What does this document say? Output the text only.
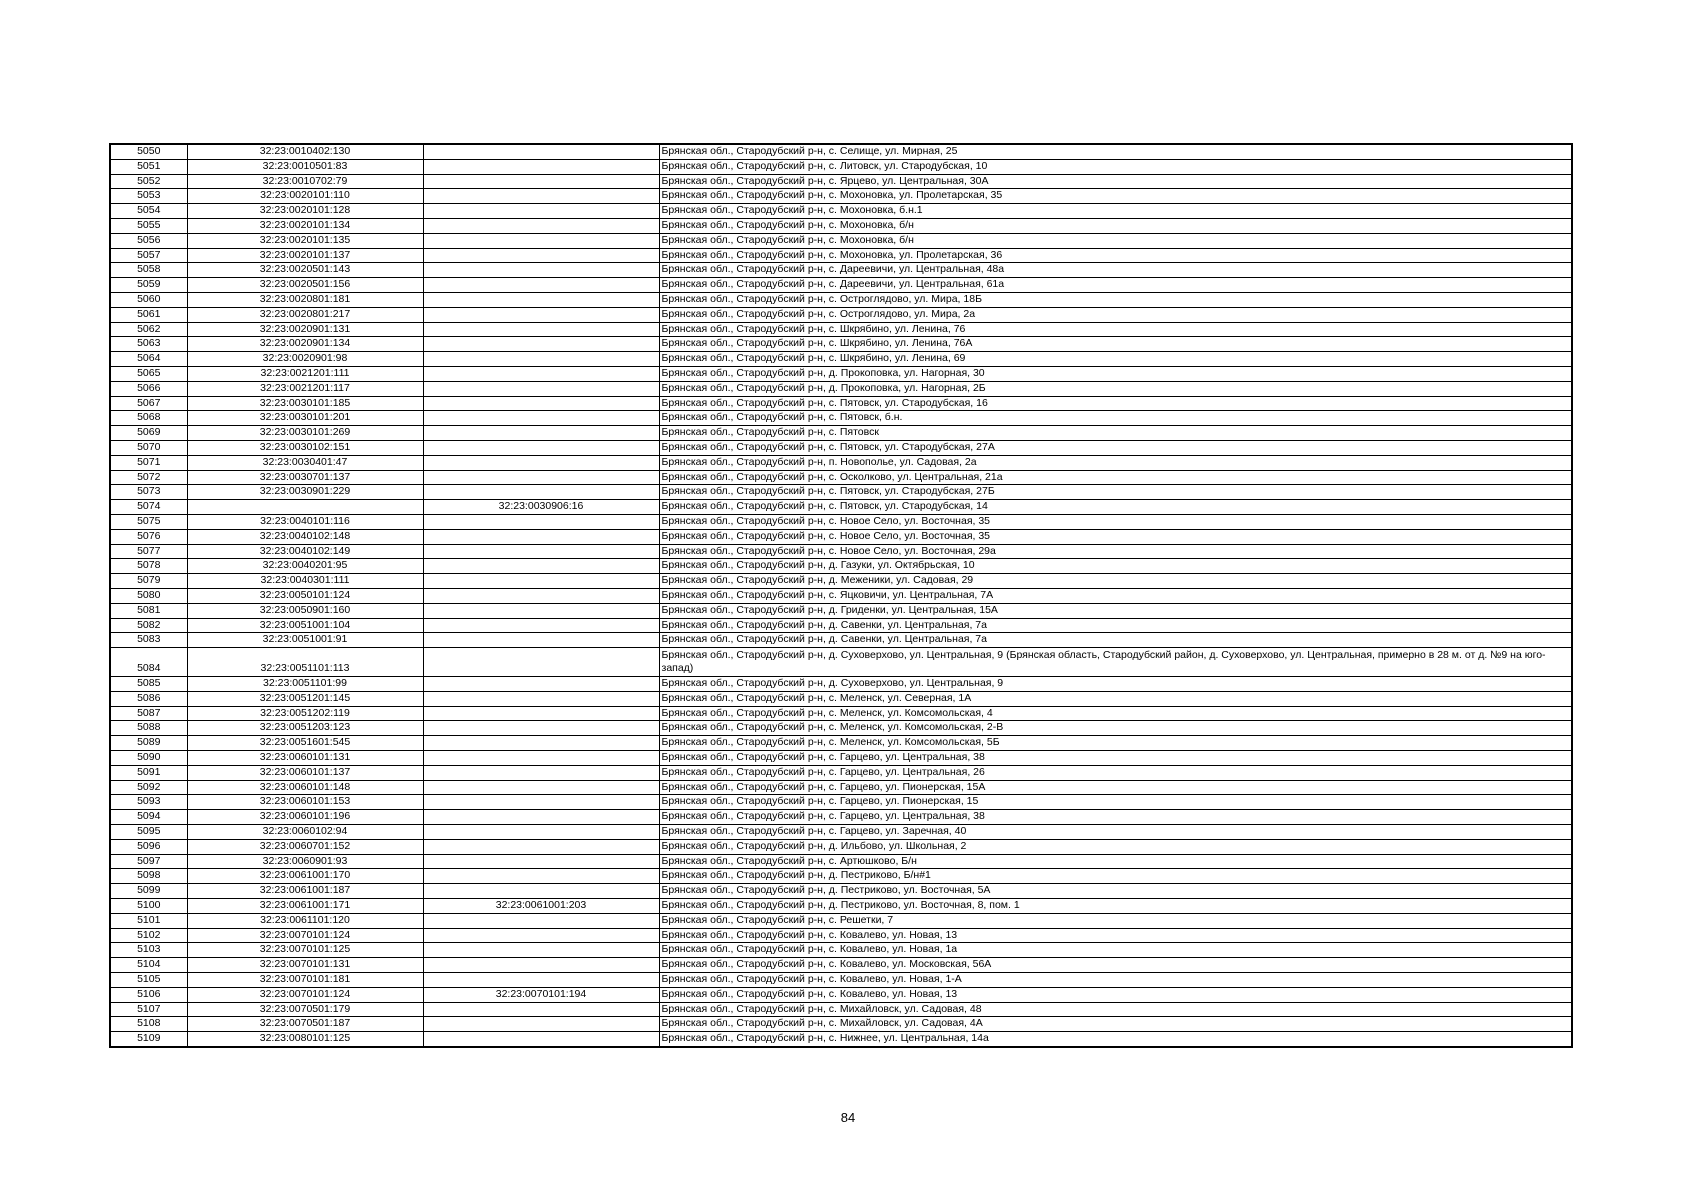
5050	32:23:0010402:130		Брянская обл., Стародубский р-н, с. Селище, ул. Мирная, 25
5051	32:23:0010501:83		Брянская обл., Стародубский р-н, с. Литовск, ул. Стародубская, 10
5052	32:23:0010702:79		Брянская обл., Стародубский р-н, с. Ярцево, ул. Центральная, 30А
5053	32:23:0020101:110		Брянская обл., Стародубский р-н, с. Мохоновка, ул. Пролетарская, 35
5054	32:23:0020101:128		Брянская обл., Стародубский р-н, с. Мохоновка, б.н.1
5055	32:23:0020101:134		Брянская обл., Стародубский р-н, с. Мохоновка, б/н
5056	32:23:0020101:135		Брянская обл., Стародубский р-н, с. Мохоновка, б/н
5057	32:23:0020101:137		Брянская обл., Стародубский р-н, с. Мохоновка, ул. Пролетарская, 36
5058	32:23:0020501:143		Брянская обл., Стародубский р-н, с. Дареевичи, ул. Центральная, 48а
5059	32:23:0020501:156		Брянская обл., Стародубский р-н, с. Дареевичи, ул. Центральная, 61а
5060	32:23:0020801:181		Брянская обл., Стародубский р-н, с. Остроглядово, ул. Мира, 18Б
5061	32:23:0020801:217		Брянская обл., Стародубский р-н, с. Остроглядово, ул. Мира, 2а
5062	32:23:0020901:131		Брянская обл., Стародубский р-н, с. Шкрябино, ул. Ленина, 76
5063	32:23:0020901:134		Брянская обл., Стародубский р-н, с. Шкрябино, ул. Ленина, 76А
5064	32:23:0020901:98		Брянская обл., Стародубский р-н, с. Шкрябино, ул. Ленина, 69
5065	32:23:0021201:111		Брянская обл., Стародубский р-н, д. Прокоповка, ул. Нагорная, 30
5066	32:23:0021201:117		Брянская обл., Стародубский р-н, д. Прокоповка, ул. Нагорная, 2Б
5067	32:23:0030101:185		Брянская обл., Стародубский р-н, с. Пятовск, ул. Стародубская, 16
5068	32:23:0030101:201		Брянская обл., Стародубский р-н, с. Пятовск, б.н.
5069	32:23:0030101:269		Брянская обл., Стародубский р-н, с. Пятовск
5070	32:23:0030102:151		Брянская обл., Стародубский р-н, с. Пятовск, ул. Стародубская, 27А
5071	32:23:0030401:47		Брянская обл., Стародубский р-н, п. Новополье, ул. Садовая, 2а
5072	32:23:0030701:137		Брянская обл., Стародубский р-н, с. Осколково, ул. Центральная, 21а
5073	32:23:0030901:229		Брянская обл., Стародубский р-н, с. Пятовск, ул. Стародубская, 27Б
5074		32:23:0030906:16	Брянская обл., Стародубский р-н, с. Пятовск, ул. Стародубская, 14
5075	32:23:0040101:116		Брянская обл., Стародубский р-н, с. Новое Село, ул. Восточная, 35
5076	32:23:0040102:148		Брянская обл., Стародубский р-н, с. Новое Село, ул. Восточная, 35
5077	32:23:0040102:149		Брянская обл., Стародубский р-н, с. Новое Село, ул. Восточная, 29а
5078	32:23:0040201:95		Брянская обл., Стародубский р-н, д. Газуки, ул. Октябрьская, 10
5079	32:23:0040301:111		Брянская обл., Стародубский р-н, д. Меженики, ул. Садовая, 29
5080	32:23:0050101:124		Брянская обл., Стародубский р-н, с. Яцковичи, ул. Центральная, 7А
5081	32:23:0050901:160		Брянская обл., Стародубский р-н, д. Гриденки, ул. Центральная, 15А
5082	32:23:0051001:104		Брянская обл., Стародубский р-н, д. Савенки, ул. Центральная, 7а
5083	32:23:0051001:91		Брянская обл., Стародубский р-н, д. Савенки, ул. Центральная, 7а
5084	32:23:0051101:113		Брянская обл., Стародубский р-н, д. Суховерхово, ул. Центральная, 9 (Брянская область, Стародубский район, д. Суховерхово, ул. Центральная, примерно в 28 м. от д. №9 на юго-запад)
5085	32:23:0051101:99		Брянская обл., Стародубский р-н, д. Суховерхово, ул. Центральная, 9
5086	32:23:0051201:145		Брянская обл., Стародубский р-н, с. Меленск, ул. Северная, 1А
5087	32:23:0051202:119		Брянская обл., Стародубский р-н, с. Меленск, ул. Комсомольская, 4
5088	32:23:0051203:123		Брянская обл., Стародубский р-н, с. Меленск, ул. Комсомольская, 2-В
5089	32:23:0051601:545		Брянская обл., Стародубский р-н, с. Меленск, ул. Комсомольская, 5Б
5090	32:23:0060101:131		Брянская обл., Стародубский р-н, с. Гарцево, ул. Центральная, 38
5091	32:23:0060101:137		Брянская обл., Стародубский р-н, с. Гарцево, ул. Центральная, 26
5092	32:23:0060101:148		Брянская обл., Стародубский р-н, с. Гарцево, ул. Пионерская, 15А
5093	32:23:0060101:153		Брянская обл., Стародубский р-н, с. Гарцево, ул. Пионерская, 15
5094	32:23:0060101:196		Брянская обл., Стародубский р-н, с. Гарцево, ул. Центральная, 38
5095	32:23:0060102:94		Брянская обл., Стародубский р-н, с. Гарцево, ул. Заречная, 40
5096	32:23:0060701:152		Брянская обл., Стародубский р-н, д. Ильбово, ул. Школьная, 2
5097	32:23:0060901:93		Брянская обл., Стародубский р-н, с. Артюшково, Б/н
5098	32:23:0061001:170		Брянская обл., Стародубский р-н, д. Пестриково, Б/н#1
5099	32:23:0061001:187		Брянская обл., Стародубский р-н, д. Пестриково, ул. Восточная, 5А
5100	32:23:0061001:171	32:23:0061001:203	Брянская обл., Стародубский р-н, д. Пестриково, ул. Восточная, 8, пом. 1
5101	32:23:0061101:120		Брянская обл., Стародубский р-н, с. Решетки, 7
5102	32:23:0070101:124		Брянская обл., Стародубский р-н, с. Ковалево, ул. Новая, 13
5103	32:23:0070101:125		Брянская обл., Стародубский р-н, с. Ковалево, ул. Новая, 1а
5104	32:23:0070101:131		Брянская обл., Стародубский р-н, с. Ковалево, ул. Московская, 56А
5105	32:23:0070101:181		Брянская обл., Стародубский р-н, с. Ковалево, ул. Новая, 1-А
5106	32:23:0070101:124	32:23:0070101:194	Брянская обл., Стародубский р-н, с. Ковалево, ул. Новая, 13
5107	32:23:0070501:179		Брянская обл., Стародубский р-н, с. Михайловск, ул. Садовая, 48
5108	32:23:0070501:187		Брянская обл., Стародубский р-н, с. Михайловск, ул. Садовая, 4А
5109	32:23:0080101:125		Брянская обл., Стародубский р-н, с. Нижнее, ул. Центральная, 14а
84
